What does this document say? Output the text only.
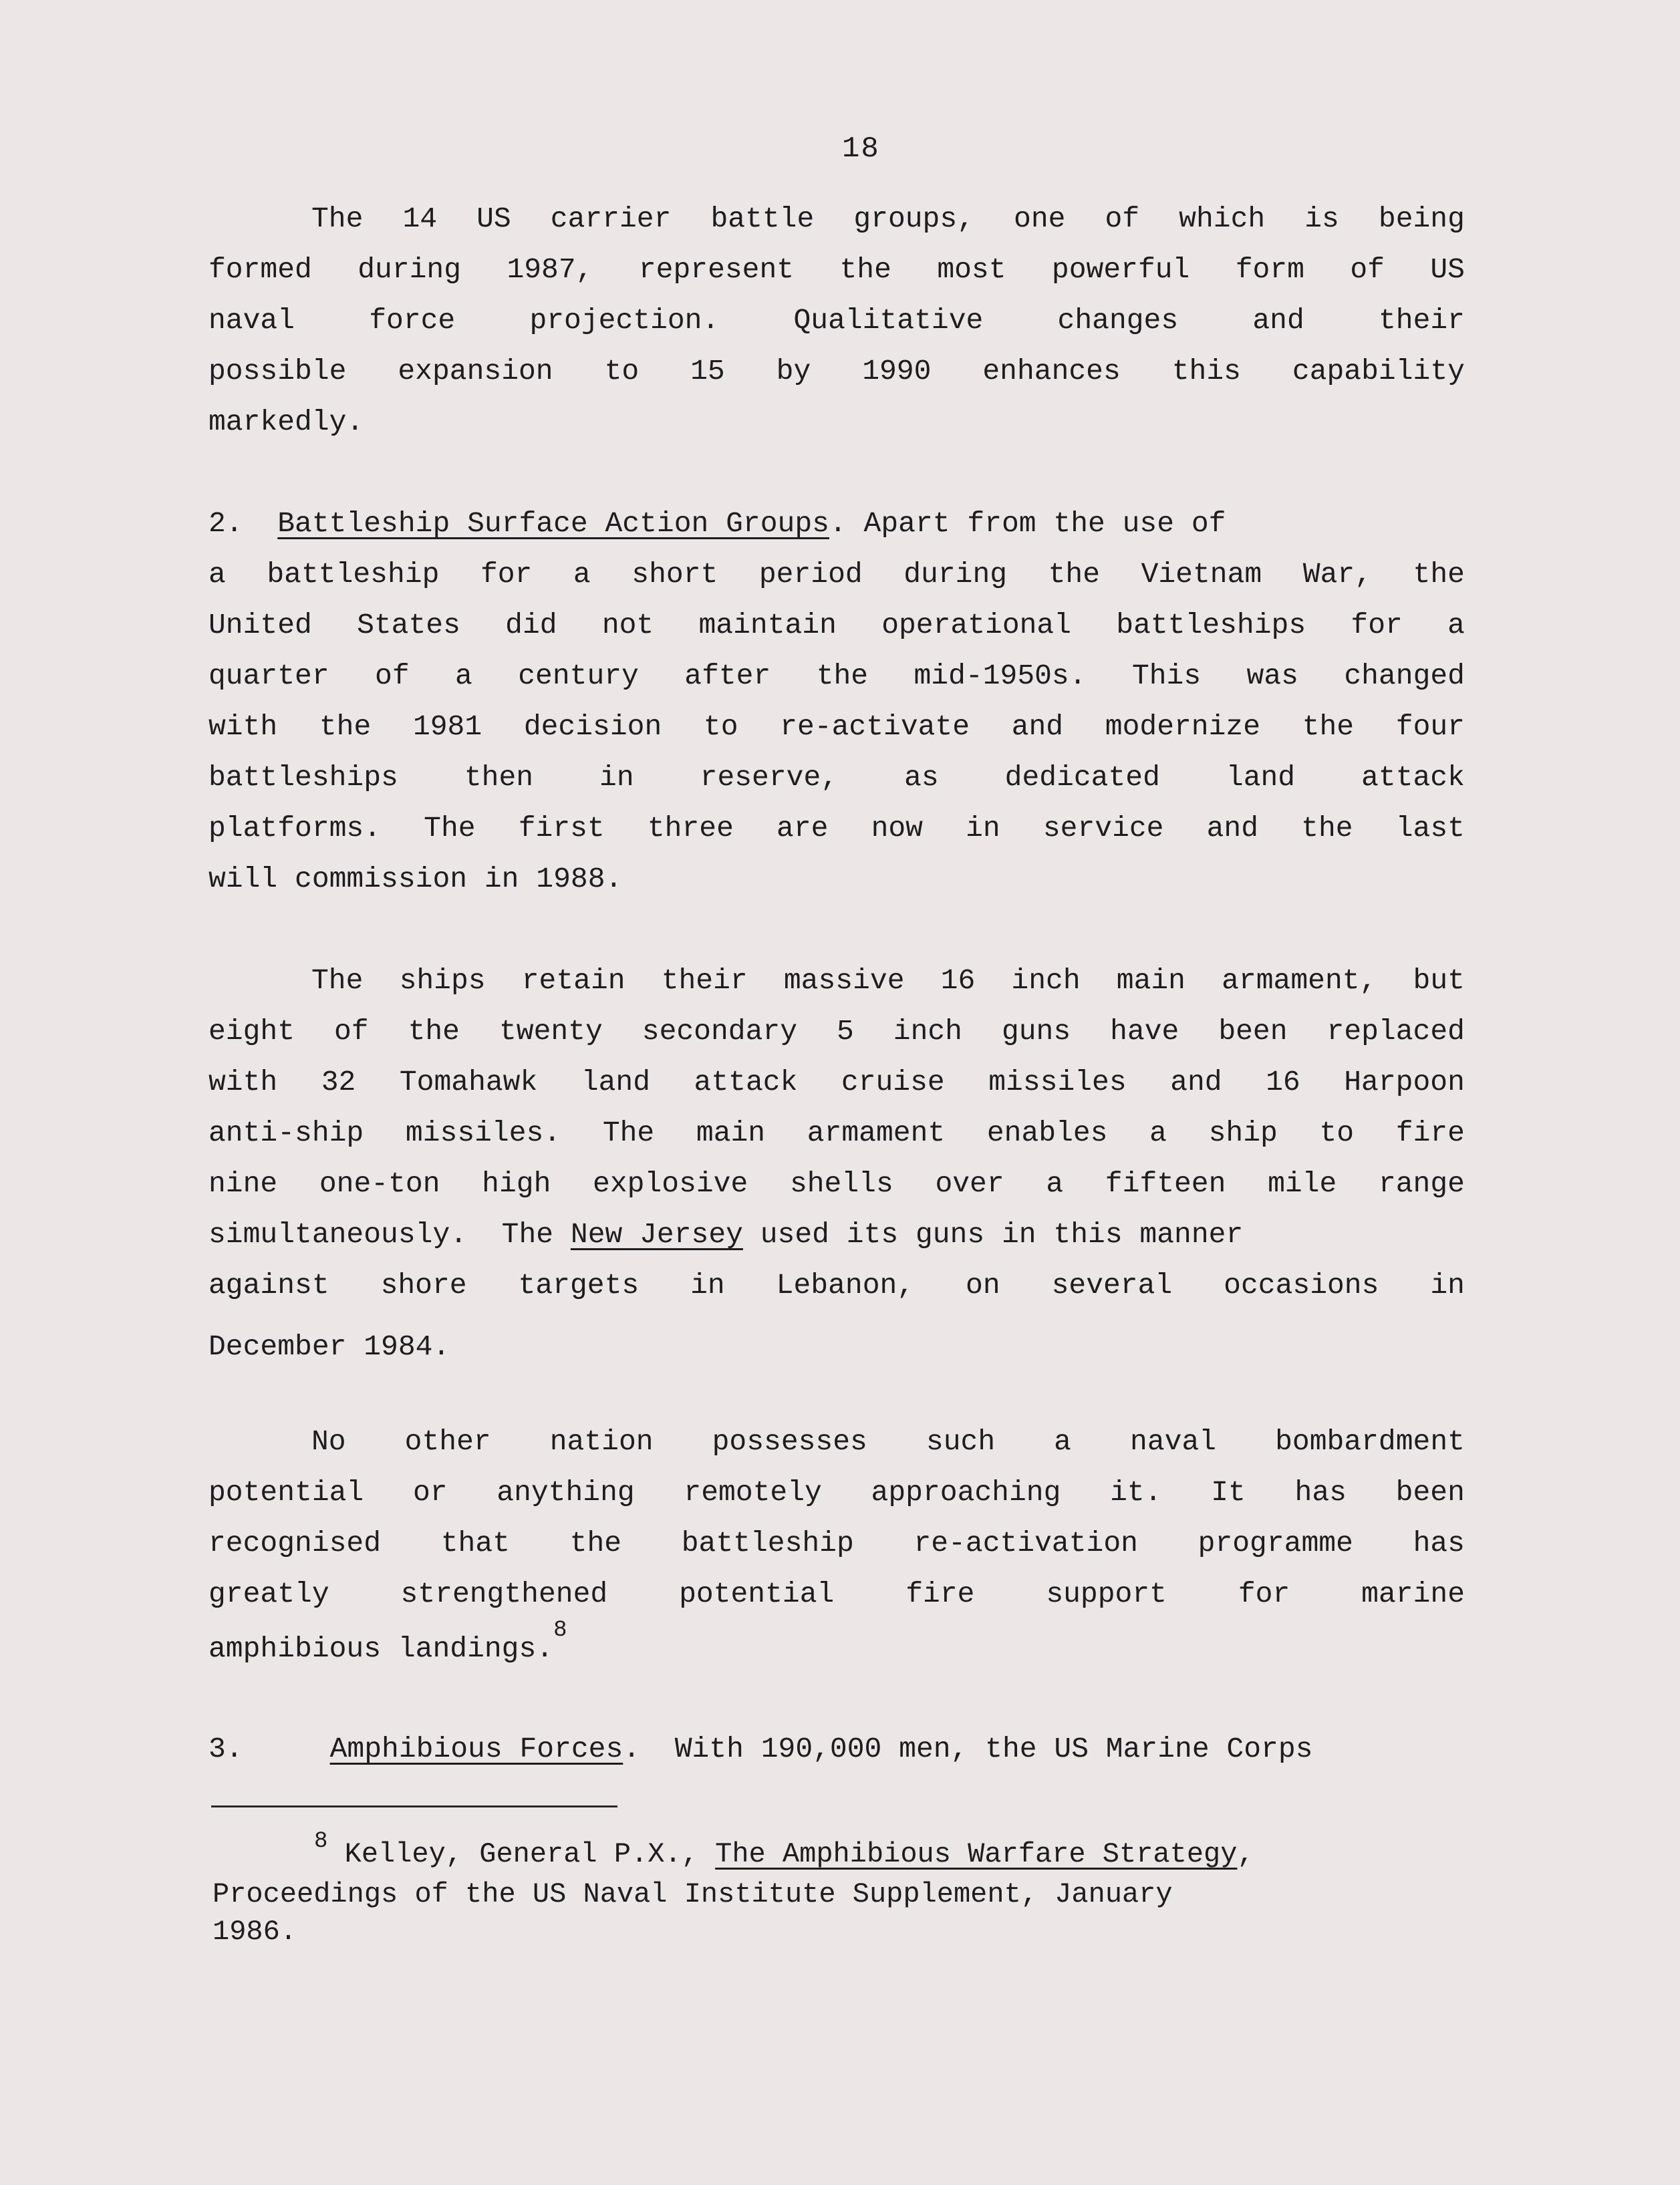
18
The 14 US carrier battle groups, one of which is being
formed during 1987, represent the most powerful form of US
naval	force	projection.	Qualitative	changes	and	their
possible expansion to 15 by 1990 enhances this capability
markedly.
2. Battleship Surface Action Groups. Apart from the use of
a battleship for a short period during the Vietnam War, the
United States did not maintain operational battleships for a
quarter of a century after the mid-1950s. This was changed
with the 1981 decision to re-activate and modernize the four
battleships then in reserve, as dedicated land attack
platforms. The first three are now in service and the last
will commission in 1988.
The ships retain their massive 16 inch main armament, but
eight of the twenty secondary 5 inch guns have been replaced
with 32 Tomahawk land attack cruise missiles and 16 Harpoon
anti-ship missiles. The main armament enables a ship to fire
nine one-ton high explosive shells over a fifteen mile range
simultaneously.  The New Jersey used its guns in this manner
against shore targets in Lebanon, on several occasions in
December 1984.
No other nation possesses such a naval bombardment
potential or anything remotely approaching it. It has been
recognised that the battleship re-activation programme has
greatly strengthened potential fire support for marine
amphibious landings.
8
3.	Amphibious Forces .  With 190,000 men, the US Marine Corps
$^8$ Kelley, General P.X., The Amphibious Warfare Strategy,
Proceedings of the US Naval Institute Supplement, January
1986.
